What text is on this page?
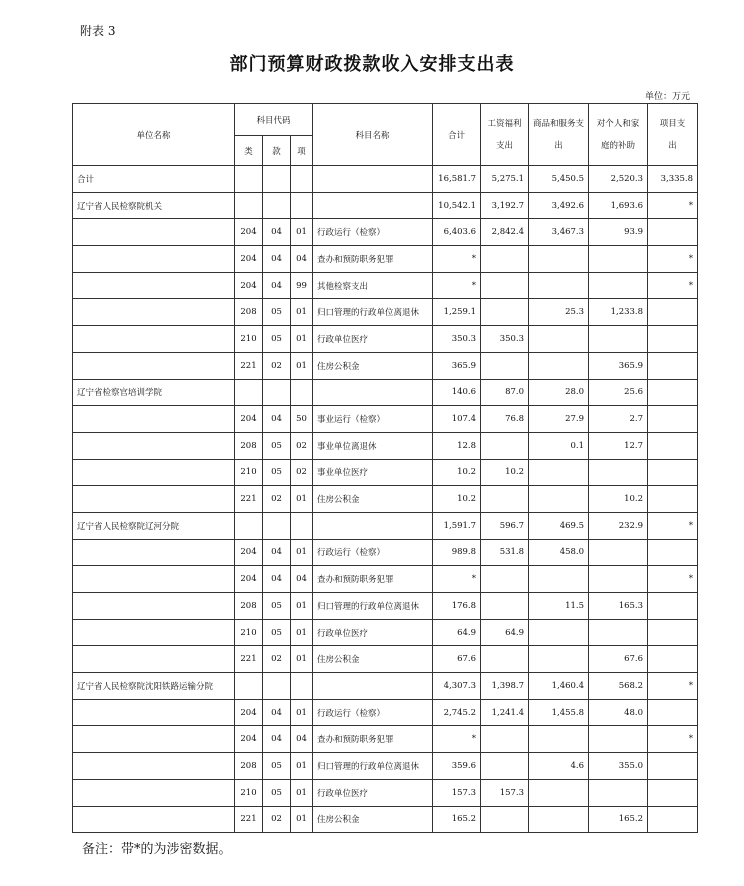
附表 3
部门预算财政拨款收入安排支出表
单位：万元
单位名称	科目代码			科目名称	合计	工资福利支出	商品和服务支出	对个人和家庭的补助	项目支出
	类	款	项						
合计					16,581.7	5,275.1	5,450.5	2,520.3	3,335.8
辽宁省人民检察院机关					10,542.1	3,192.7	3,492.6	1,693.6	*
	204	04	01	行政运行（检察）	6,403.6	2,842.4	3,467.3	93.9	
	204	04	04	查办和预防职务犯罪	*				*
	204	04	99	其他检察支出	*				*
	208	05	01	归口管理的行政单位离退休	1,259.1		25.3	1,233.8	
	210	05	01	行政单位医疗	350.3	350.3			
	221	02	01	住房公积金	365.9			365.9	
辽宁省检察官培训学院					140.6	87.0	28.0	25.6	
	204	04	50	事业运行（检察）	107.4	76.8	27.9	2.7	
	208	05	02	事业单位离退休	12.8		0.1	12.7	
	210	05	02	事业单位医疗	10.2	10.2			
	221	02	01	住房公积金	10.2			10.2	
辽宁省人民检察院辽河分院					1,591.7	596.7	469.5	232.9	*
	204	04	01	行政运行（检察）	989.8	531.8	458.0		
	204	04	04	查办和预防职务犯罪	*				*
	208	05	01	归口管理的行政单位离退休	176.8		11.5	165.3	
	210	05	01	行政单位医疗	64.9	64.9			
	221	02	01	住房公积金	67.6			67.6	
辽宁省人民检察院沈阳铁路运输分院					4,307.3	1,398.7	1,460.4	568.2	*
	204	04	01	行政运行（检察）	2,745.2	1,241.4	1,455.8	48.0	
	204	04	04	查办和预防职务犯罪	*				*
	208	05	01	归口管理的行政单位离退休	359.6		4.6	355.0	
	210	05	01	行政单位医疗	157.3	157.3			
	221	02	01	住房公积金	165.2			165.2	
备注：带*的为涉密数据。
